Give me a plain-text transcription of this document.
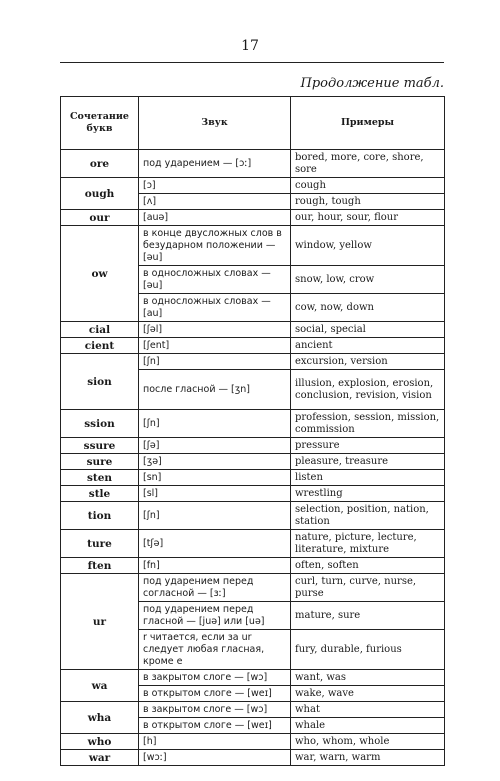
17
Продолжение табл.
Сочетание букв	Звук	Примеры
ore	под ударением — [ɔː]	bored, more, core, shore, sore
ough	[ɔ]	cough
	[ʌ]	rough, tough
our	[auə]	our, hour, sour, flour
ow	в конце двусложных слов в безударном положении — [əu]	window, yellow
	в односложных словах — [əu]	snow, low, crow
	в односложных словах — [au]	cow, now, down
cial	[ʃəl]	social, special
cient	[ʃent]	ancient
sion	[ʃn]	excursion, version
	после гласной — [ʒn]	illusion, explosion, erosion, conclusion, revision, vision
ssion	[ʃn]	profession, session, mission, commission
ssure	[ʃə]	pressure
sure	[ʒə]	pleasure, treasure
sten	[sn]	listen
stle	[sl]	wrestling
tion	[ʃn]	selection, position, nation, station
ture	[tʃə]	nature, picture, lecture, literature, mixture
ften	[fn]	often, soften
ur	под ударением перед согласной — [ɜː]	curl, turn, curve, nurse, purse
	под ударением перед гласной — [juə] или [uə]	mature, sure
	r читается, если за ur следует любая гласная, кроме e	fury, durable, furious
wa	в закрытом слоге — [wɔ]	want, was
	в открытом слоге — [weɪ]	wake, wave
wha	в закрытом слоге — [wɔ]	what
	в открытом слоге — [weɪ]	whale
who	[h]	who, whom, whole
war	[wɔː]	war, warn, warm
